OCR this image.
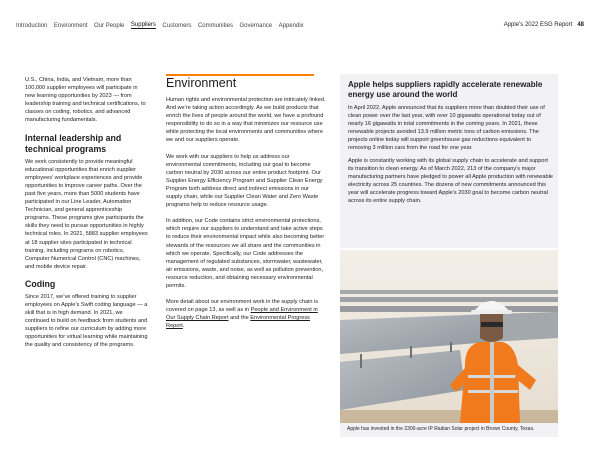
Introduction Environment Our People Suppliers Customers Communities Governance Appendix	Apple’s 2022 ESG Report 48

U.S., China, India, and Vietnam, more than 100,000 supplier employees will participate in new learning opportunities by 2023 — from leadership training and technical certifications, to classes on coding, robotics, and advanced manufacturing fundamentals.

Internal leadership and technical programs

We work consistently to provide meaningful educational opportunities that enrich supplier employees’ workplace experiences and provide opportunities to improve career paths. Over the past five years, more than 5000 students have participated in our Line Leader, Automation Technician, and general apprenticeship programs. These programs give participants the skills they need to pursue opportunities in highly technical roles. In 2021, 5883 supplier employees at 18 supplier sites participated in technical training, including programs on robotics, Computer Numerical Control (CNC) machines, and mobile device repair.

Coding

Since 2017, we’ve offered training to supplier employees on Apple’s Swift coding language — a skill that is in high demand. In 2021, we continued to build on feedback from students and suppliers to refine our curriculum by adding more opportunities for virtual learning while maintaining the quality and consistency of the programs.

Environment

Human rights and environmental protection are intricately linked. And we’re taking action accordingly. As we build products that enrich the lives of people around the world, we have a profound responsibility to do so in a way that minimizes our resource use while protecting the local environments and communities where we and our suppliers operate.

We work with our suppliers to help us address our environmental commitments, including our goal to become carbon neutral by 2030 across our entire product footprint. Our Supplier Energy Efficiency Program and Supplier Clean Energy Program both address direct and indirect emissions in our supply chain, while our Supplier Clean Water and Zero Waste programs help to reduce resource usage.

In addition, our Code contains strict environmental protections, which require our suppliers to understand and take active steps to reduce their environmental impact while also becoming better stewards of the resources we all share and the communities in which we operate. Specifically, our Code addresses the management of regulated substances, stormwater, wastewater, air emissions, waste, and noise, as well as pollution prevention, resource reduction, and obtaining necessary environmental permits.

More detail about our environment work in the supply chain is covered on page 13, as well as in People and Environment in Our Supply Chain Report and the Environmental Progress Report.

Apple helps suppliers rapidly accelerate renewable energy use around the world

In April 2022, Apple announced that its suppliers more than doubled their use of clean power over the last year, with over 10 gigawatts operational today out of nearly 16 gigawatts in total commitments in the coming years. In 2021, these renewable projects avoided 13.9 million metric tons of carbon emissions. The projects online today will support greenhouse gas reductions equivalent to removing 3 million cars from the road for one year.

Apple is constantly working with its global supply chain to accelerate and support its transition to clean energy. As of March 2022, 213 of the company’s major manufacturing partners have pledged to power all Apple production with renewable electricity across 25 countries. The dozens of new commitments announced this year will accelerate progress toward Apple’s 2030 goal to become carbon neutral across its entire supply chain.

Apple has invested in the 2300-acre IP Radian Solar project in Brown County, Texas.
